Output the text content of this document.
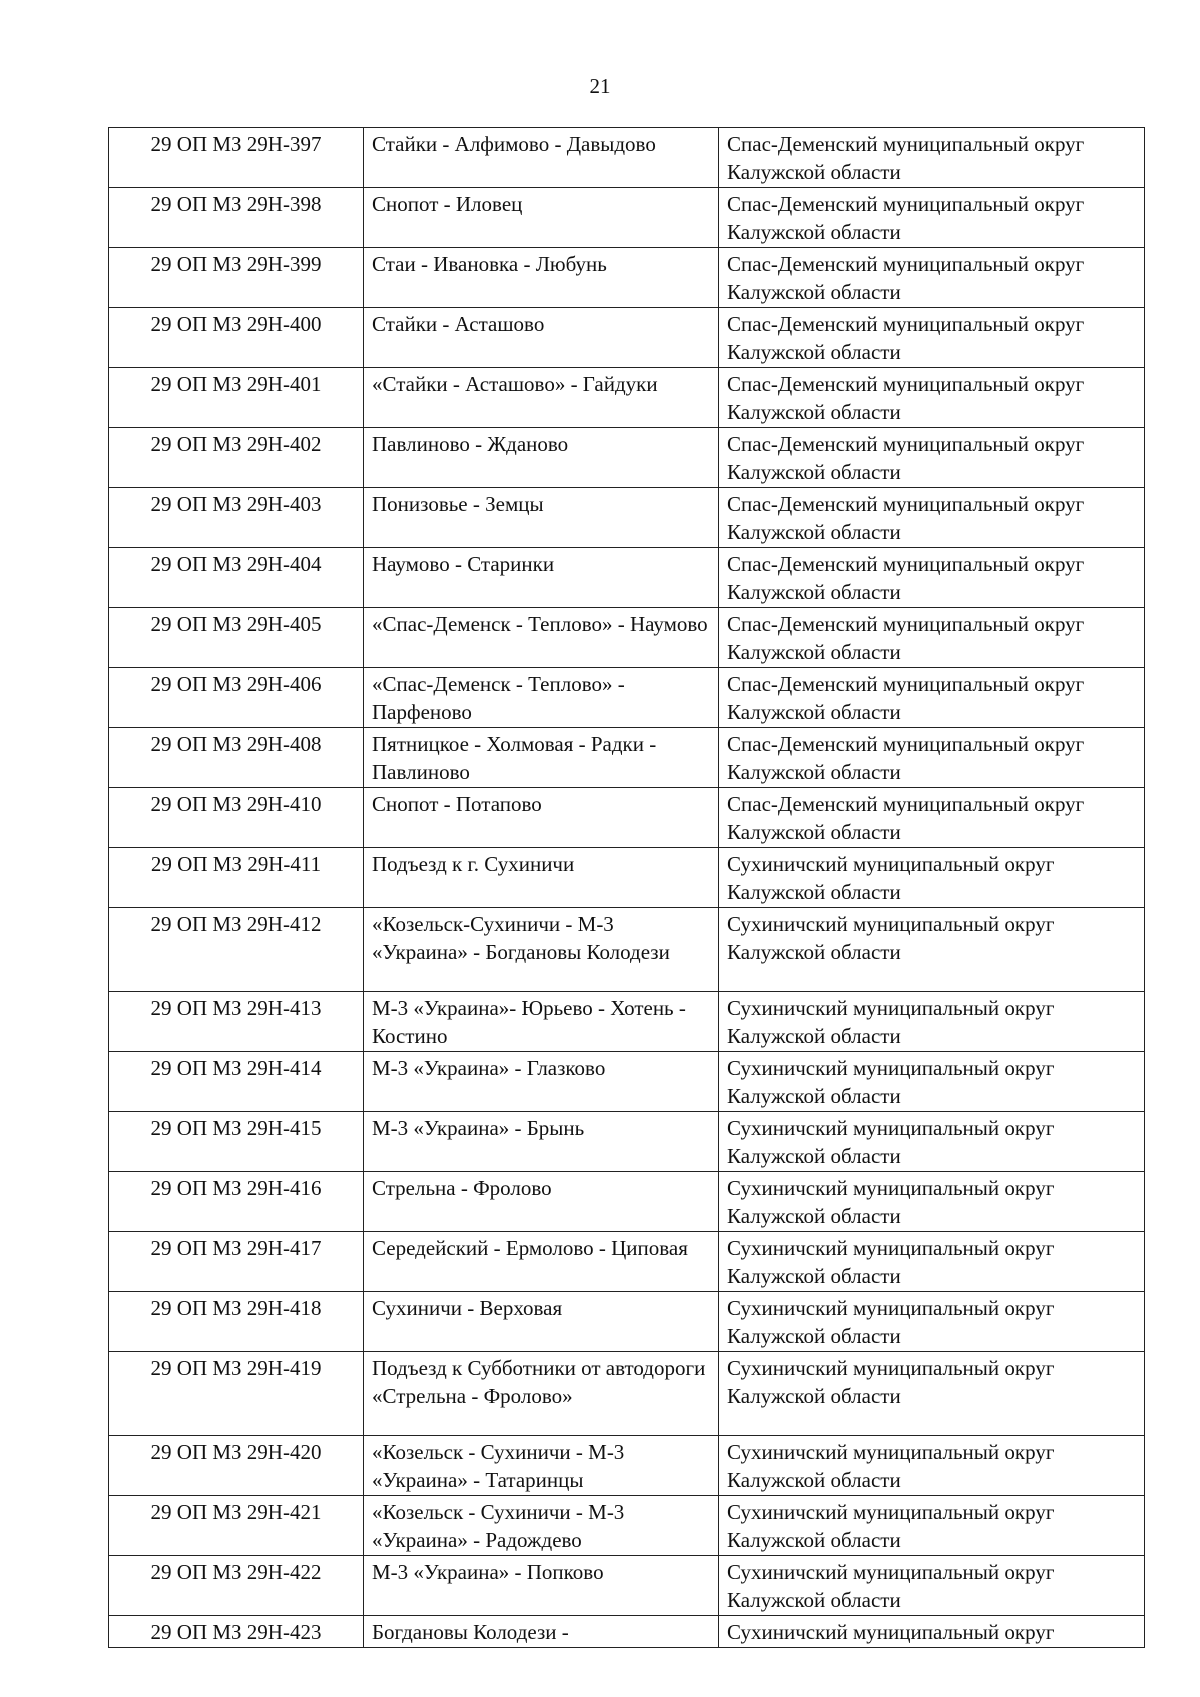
21
29 ОП МЗ 29Н-397	Стайки - Алфимово - Давыдово	Спас-Деменский муниципальный округ Калужской области
29 ОП МЗ 29Н-398	Снопот - Иловец	Спас-Деменский муниципальный округ Калужской области
29 ОП МЗ 29Н-399	Стаи - Ивановка - Любунь	Спас-Деменский муниципальный округ Калужской области
29 ОП МЗ 29Н-400	Стайки - Асташово	Спас-Деменский муниципальный округ Калужской области
29 ОП МЗ 29Н-401	«Стайки - Асташово» - Гайдуки	Спас-Деменский муниципальный округ Калужской области
29 ОП МЗ 29Н-402	Павлиново - Жданово	Спас-Деменский муниципальный округ Калужской области
29 ОП МЗ 29Н-403	Понизовье - Земцы	Спас-Деменский муниципальный округ Калужской области
29 ОП МЗ 29Н-404	Наумово - Старинки	Спас-Деменский муниципальный округ Калужской области
29 ОП МЗ 29Н-405	«Спас-Деменск - Теплово» - Наумово	Спас-Деменский муниципальный округ Калужской области
29 ОП МЗ 29Н-406	«Спас-Деменск - Теплово» - Парфеново	Спас-Деменский муниципальный округ Калужской области
29 ОП МЗ 29Н-408	Пятницкое - Холмовая - Радки - Павлиново	Спас-Деменский муниципальный округ Калужской области
29 ОП МЗ 29Н-410	Снопот - Потапово	Спас-Деменский муниципальный округ Калужской области
29 ОП МЗ 29Н-411	Подъезд к г. Сухиничи	Сухиничский муниципальный округ Калужской области
29 ОП МЗ 29Н-412	«Козельск-Сухиничи - М-3 «Украина» - Богдановы Колодези	Сухиничский муниципальный округ Калужской области
29 ОП МЗ 29Н-413	М-3 «Украина»- Юрьево - Хотень - Костино	Сухиничский муниципальный округ Калужской области
29 ОП МЗ 29Н-414	М-3 «Украина» - Глазково	Сухиничский муниципальный округ Калужской области
29 ОП МЗ 29Н-415	М-3 «Украина» - Брынь	Сухиничский муниципальный округ Калужской области
29 ОП МЗ 29Н-416	Стрельна - Фролово	Сухиничский муниципальный округ Калужской области
29 ОП МЗ 29Н-417	Середейский - Ермолово - Циповая	Сухиничский муниципальный округ Калужской области
29 ОП МЗ 29Н-418	Сухиничи - Верховая	Сухиничский муниципальный округ Калужской области
29 ОП МЗ 29Н-419	Подъезд к Субботники от автодороги «Стрельна - Фролово»	Сухиничский муниципальный округ Калужской области
29 ОП МЗ 29Н-420	«Козельск - Сухиничи - М-3 «Украина» - Татаринцы	Сухиничский муниципальный округ Калужской области
29 ОП МЗ 29Н-421	«Козельск - Сухиничи - М-3 «Украина» - Радождево	Сухиничский муниципальный округ Калужской области
29 ОП МЗ 29Н-422	М-3 «Украина» - Попково	Сухиничский муниципальный округ Калужской области
29 ОП МЗ 29Н-423	Богдановы Колодези -	Сухиничский муниципальный округ
